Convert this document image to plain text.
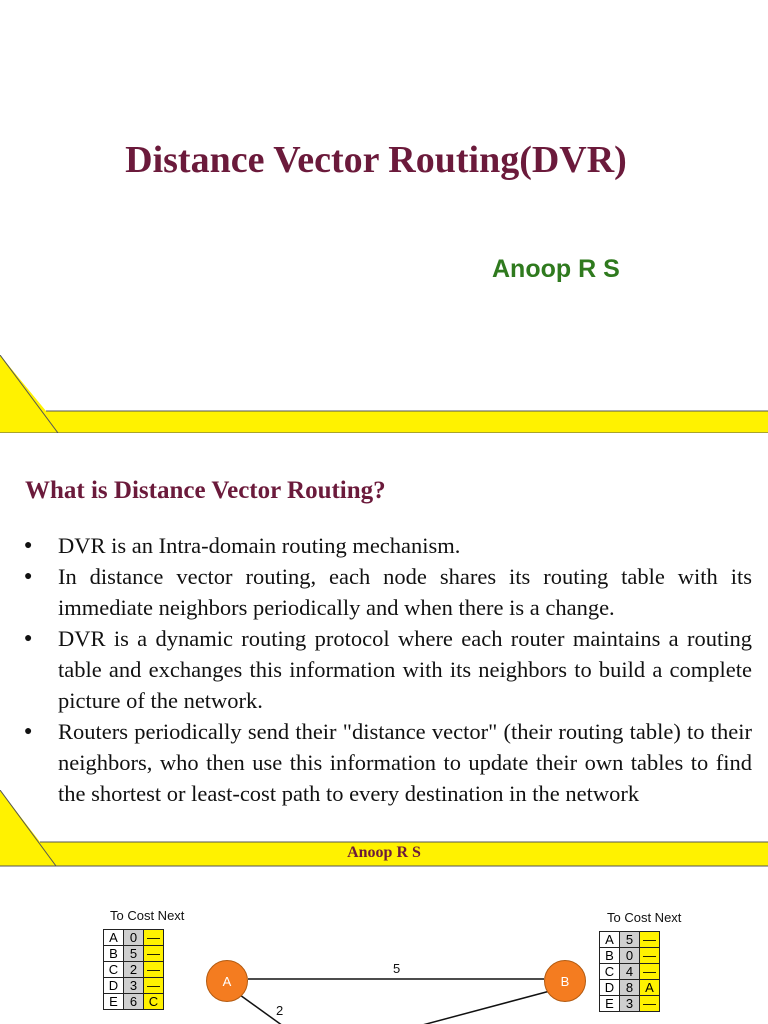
Distance Vector Routing(DVR)
Anoop R S
What is Distance Vector Routing?
● DVR is an Intra-domain routing mechanism.
● In distance vector routing, each node shares its routing table with its immediate neighbors periodically and when there is a change.
● DVR is a dynamic routing protocol where each router maintains a routing table and exchanges this information with its neighbors to build a complete picture of the network.
● Routers periodically send their "distance vector" (their routing table) to their neighbors, who then use this information to update their own tables to find the shortest or least-cost path to every destination in the network
Anoop R S
To Cost Next
A	0	—
B	5	—
C	2	—
D	3	—
E	6	C
To Cost Next
A	5	—
B	0	—
C	4	—
D	8	A
E	3	—
A	B
5
2
